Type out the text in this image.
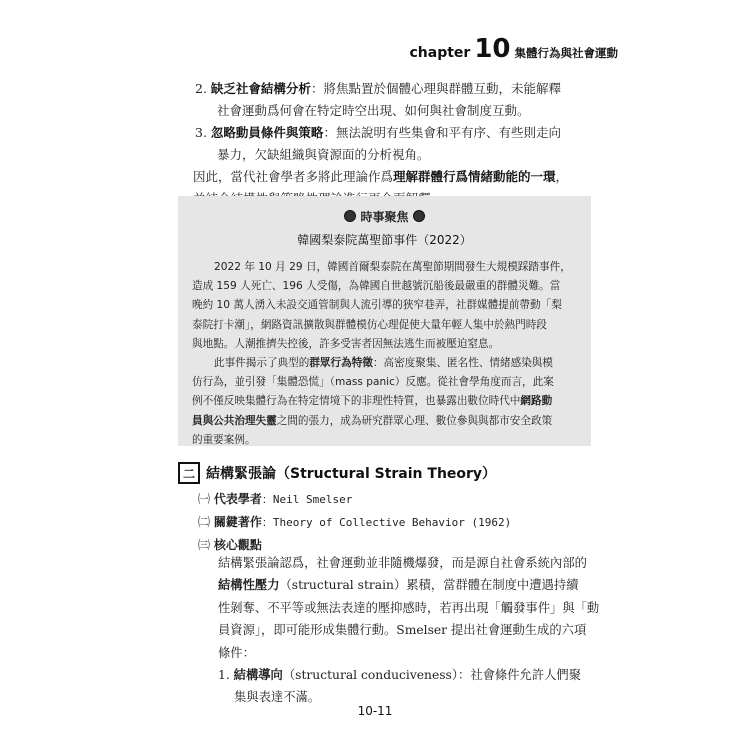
chapter 10 集體行為與社會運動
2. 缺乏社會結構分析：將焦點置於個體心理與群體互動，未能解釋
社會運動爲何會在特定時空出現、如何與社會制度互動。
3. 忽略動員條件與策略：無法說明有些集會和平有序、有些則走向
暴力，欠缺組織與資源面的分析視角。
因此，當代社會學者多將此理論作爲理解群體行爲情緒動能的一環，
時事聚焦
韓國梨泰院萬聖節事件（2022）
2022 年 10 月 29 日，韓國首爾梨泰院在萬聖節期間發生大規模踩踏事件，
造成 159 人死亡、196 人受傷，為韓國自世越號沉船後最嚴重的群體災難。當
晚約 10 萬人湧入未設交通管制與人流引導的狹窄巷弄，社群媒體提前帶動「梨
泰院打卡潮」，網路資訊擴散與群體模仿心理促使大量年輕人集中於熱門時段
與地點。人潮推擠失控後，許多受害者因無法逃生而被壓迫窒息。
此事件揭示了典型的群眾行為特徵：高密度聚集、匿名性、情緒感染與模
仿行為，並引發「集體恐慌」（mass panic）反應。從社會學角度而言，此案
例不僅反映集體行為在特定情境下的非理性特質，也暴露出數位時代中網路動
員與公共治理失靈之間的張力，成為研究群眾心理、數位參與與都市安全政策
的重要案例。
二 結構緊張論（Structural Strain Theory）
㈠ 代表學者：Neil Smelser
㈡ 關鍵著作：Theory of Collective Behavior (1962)
㈢ 核心觀點
結構緊張論認爲，社會運動並非隨機爆發，而是源自社會系統內部的
結構性壓力（structural strain）累積，當群體在制度中遭遇持續
性剝奪、不平等或無法表達的壓抑感時，若再出現「觸發事件」與「動
員資源」，即可能形成集體行動。Smelser 提出社會運動生成的六項
條件：
1. 結構導向（structural conduciveness）：社會條件允許人們聚
集與表達不滿。
10-11
